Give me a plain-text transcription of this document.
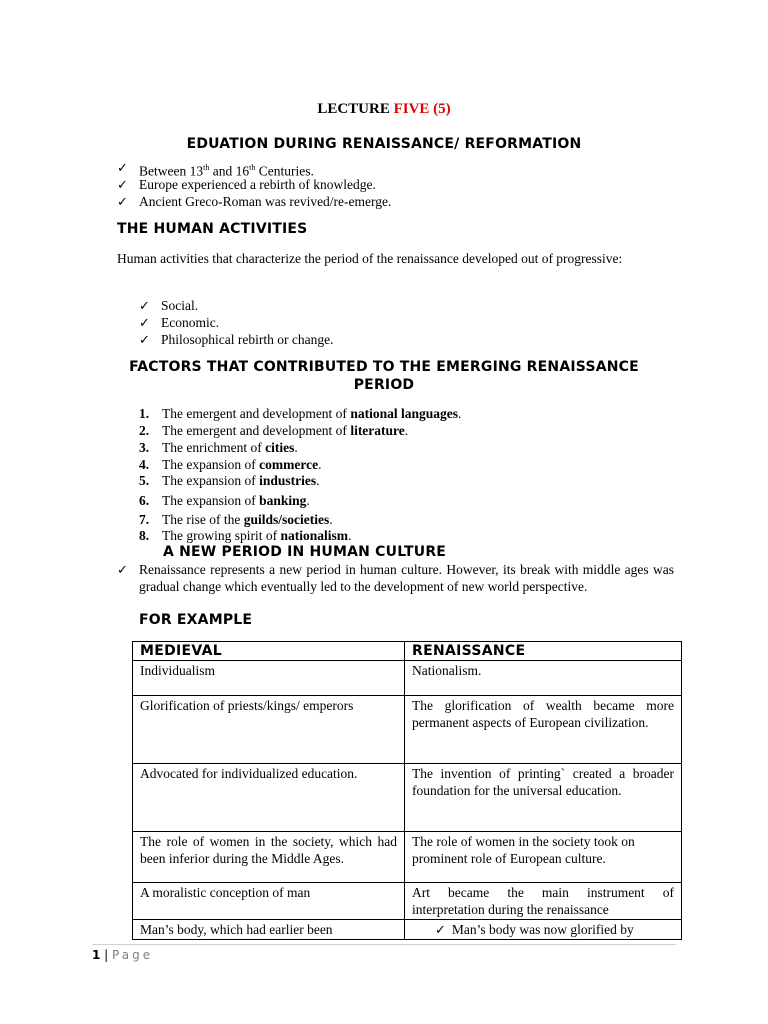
LECTURE FIVE (5)
EDUATION DURING RENAISSANCE/ REFORMATION
✓ Between 13th and 16th Centuries.
✓ Europe experienced a rebirth of knowledge.
✓ Ancient Greco-Roman was revived/re-emerge.
THE HUMAN ACTIVITIES
Human activities that characterize the period of the renaissance developed out of progressive:
✓ Social.
✓ Economic.
✓ Philosophical rebirth or change.
FACTORS THAT CONTRIBUTED TO THE EMERGING RENAISSANCE PERIOD
1. The emergent and development of national languages.
2. The emergent and development of literature.
3. The enrichment of cities.
4. The expansion of commerce.
5. The expansion of industries.
6. The expansion of banking.
7. The rise of the guilds/societies.
8. The growing spirit of nationalism.
A NEW PERIOD IN HUMAN CULTURE
✓ Renaissance represents a new period in human culture. However, its break with middle ages was gradual change which eventually led to the development of new world perspective.
FOR EXAMPLE
MEDIEVAL	RENAISSANCE
Individualism	Nationalism.
Glorification of priests/kings/ emperors	The glorification of wealth became more permanent aspects of European civilization.
Advocated for individualized education.	The invention of printing` created a broader foundation for the universal education.
The role of women in the society, which had been inferior during the Middle Ages.	The role of women in the society took on prominent role of European culture.
A moralistic conception of man	Art became the main instrument of interpretation during the renaissance
Man’s body, which had earlier been	✓ Man’s body was now glorified by
1 | Page
